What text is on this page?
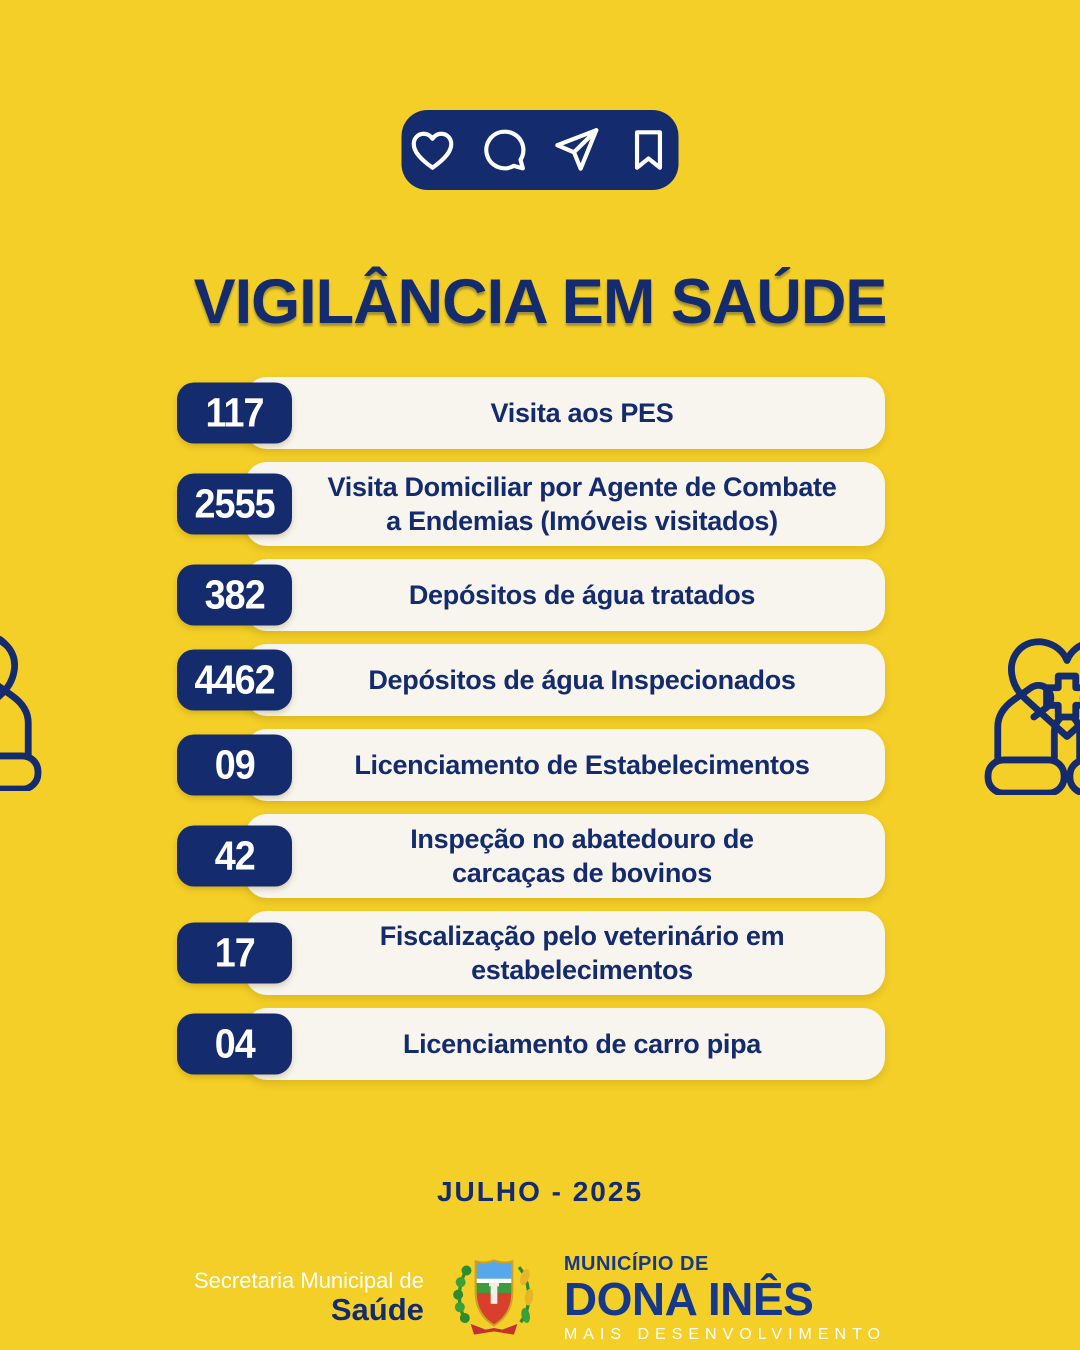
VIGILÂNCIA EM SAÚDE
Visita aos PES
117
Visita Domiciliar por Agente de Combate
a Endemias (Imóveis visitados)
2555
Depósitos de água tratados
382
Depósitos de água Inspecionados
4462
Licenciamento de Estabelecimentos
09
Inspeção no abatedouro de
carcaças de bovinos
42
Fiscalização pelo veterinário em
estabelecimentos
17
Licenciamento de carro pipa
04
JULHO - 2025
Secretaria Municipal de
Saúde
MUNICÍPIO DE
DONA INÊS
MAIS DESENVOLVIMENTO
